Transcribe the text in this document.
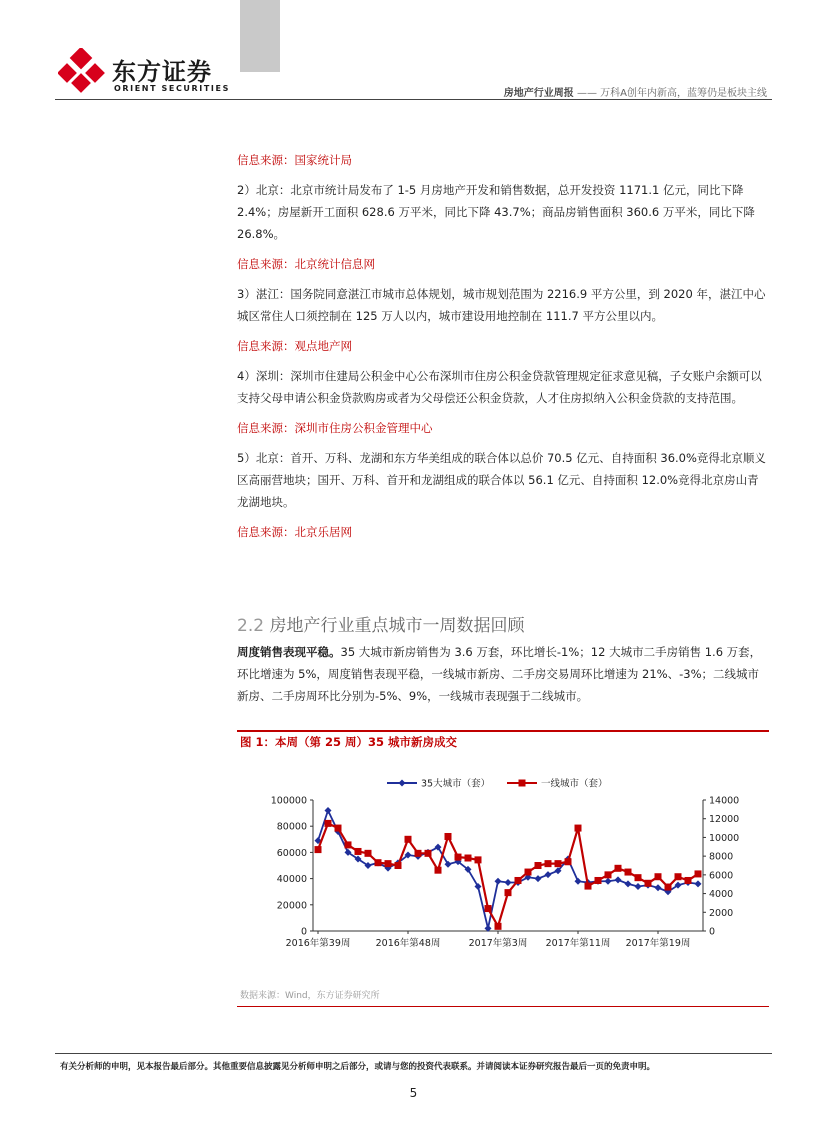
东方证券
ORIENT SECURITIES	房地产行业周报 —— 万科A创年内新高，蓝筹仍是板块主线
信息来源：国家统计局
2）北京：北京市统计局发布了 1-5 月房地产开发和销售数据，总开发投资 1171.1 亿元，同比下降 2.4%；房屋新开工面积 628.6 万平米，同比下降 43.7%；商品房销售面积 360.6 万平米，同比下降 26.8%。
信息来源：北京统计信息网
3）湛江：国务院同意湛江市城市总体规划，城市规划范围为 2216.9 平方公里，到 2020 年，湛江中心城区常住人口须控制在 125 万人以内，城市建设用地控制在 111.7 平方公里以内。
信息来源：观点地产网
4）深圳：深圳市住建局公积金中心公布深圳市住房公积金贷款管理规定征求意见稿，子女账户余额可以支持父母申请公积金贷款购房或者为父母偿还公积金贷款，人才住房拟纳入公积金贷款的支持范围。
信息来源：深圳市住房公积金管理中心
5）北京：首开、万科、龙湖和东方华美组成的联合体以总价 70.5 亿元、自持面积 36.0%竞得北京顺义区高丽营地块；国开、万科、首开和龙湖组成的联合体以 56.1 亿元、自持面积 12.0%竞得北京房山青龙湖地块。
信息来源：北京乐居网
2.2 房地产行业重点城市一周数据回顾
周度销售表现平稳。35 大城市新房销售为 3.6 万套，环比增长-1%；12 大城市二手房销售 1.6 万套，环比增速为 5%，周度销售表现平稳，一线城市新房、二手房交易周环比增速为 21%、-3%；二线城市新房、二手房周环比分别为-5%、9%，一线城市表现强于二线城市。
图 1：本周（第 25 周）35 城市新房成交
0
20000
40000
60000
80000
100000
0
2000
4000
6000
8000
10000
12000
14000
2016年第39周	2016年第48周	2017年第3周 2017年第11周 2017年第19周
35大城市（套）	一线城市（套）
数据来源：Wind，东方证券研究所
有关分析师的申明，见本报告最后部分。其他重要信息披露见分析师申明之后部分，或请与您的投资代表联系。并请阅读本证券研究报告最后一页的免责申明。
5
